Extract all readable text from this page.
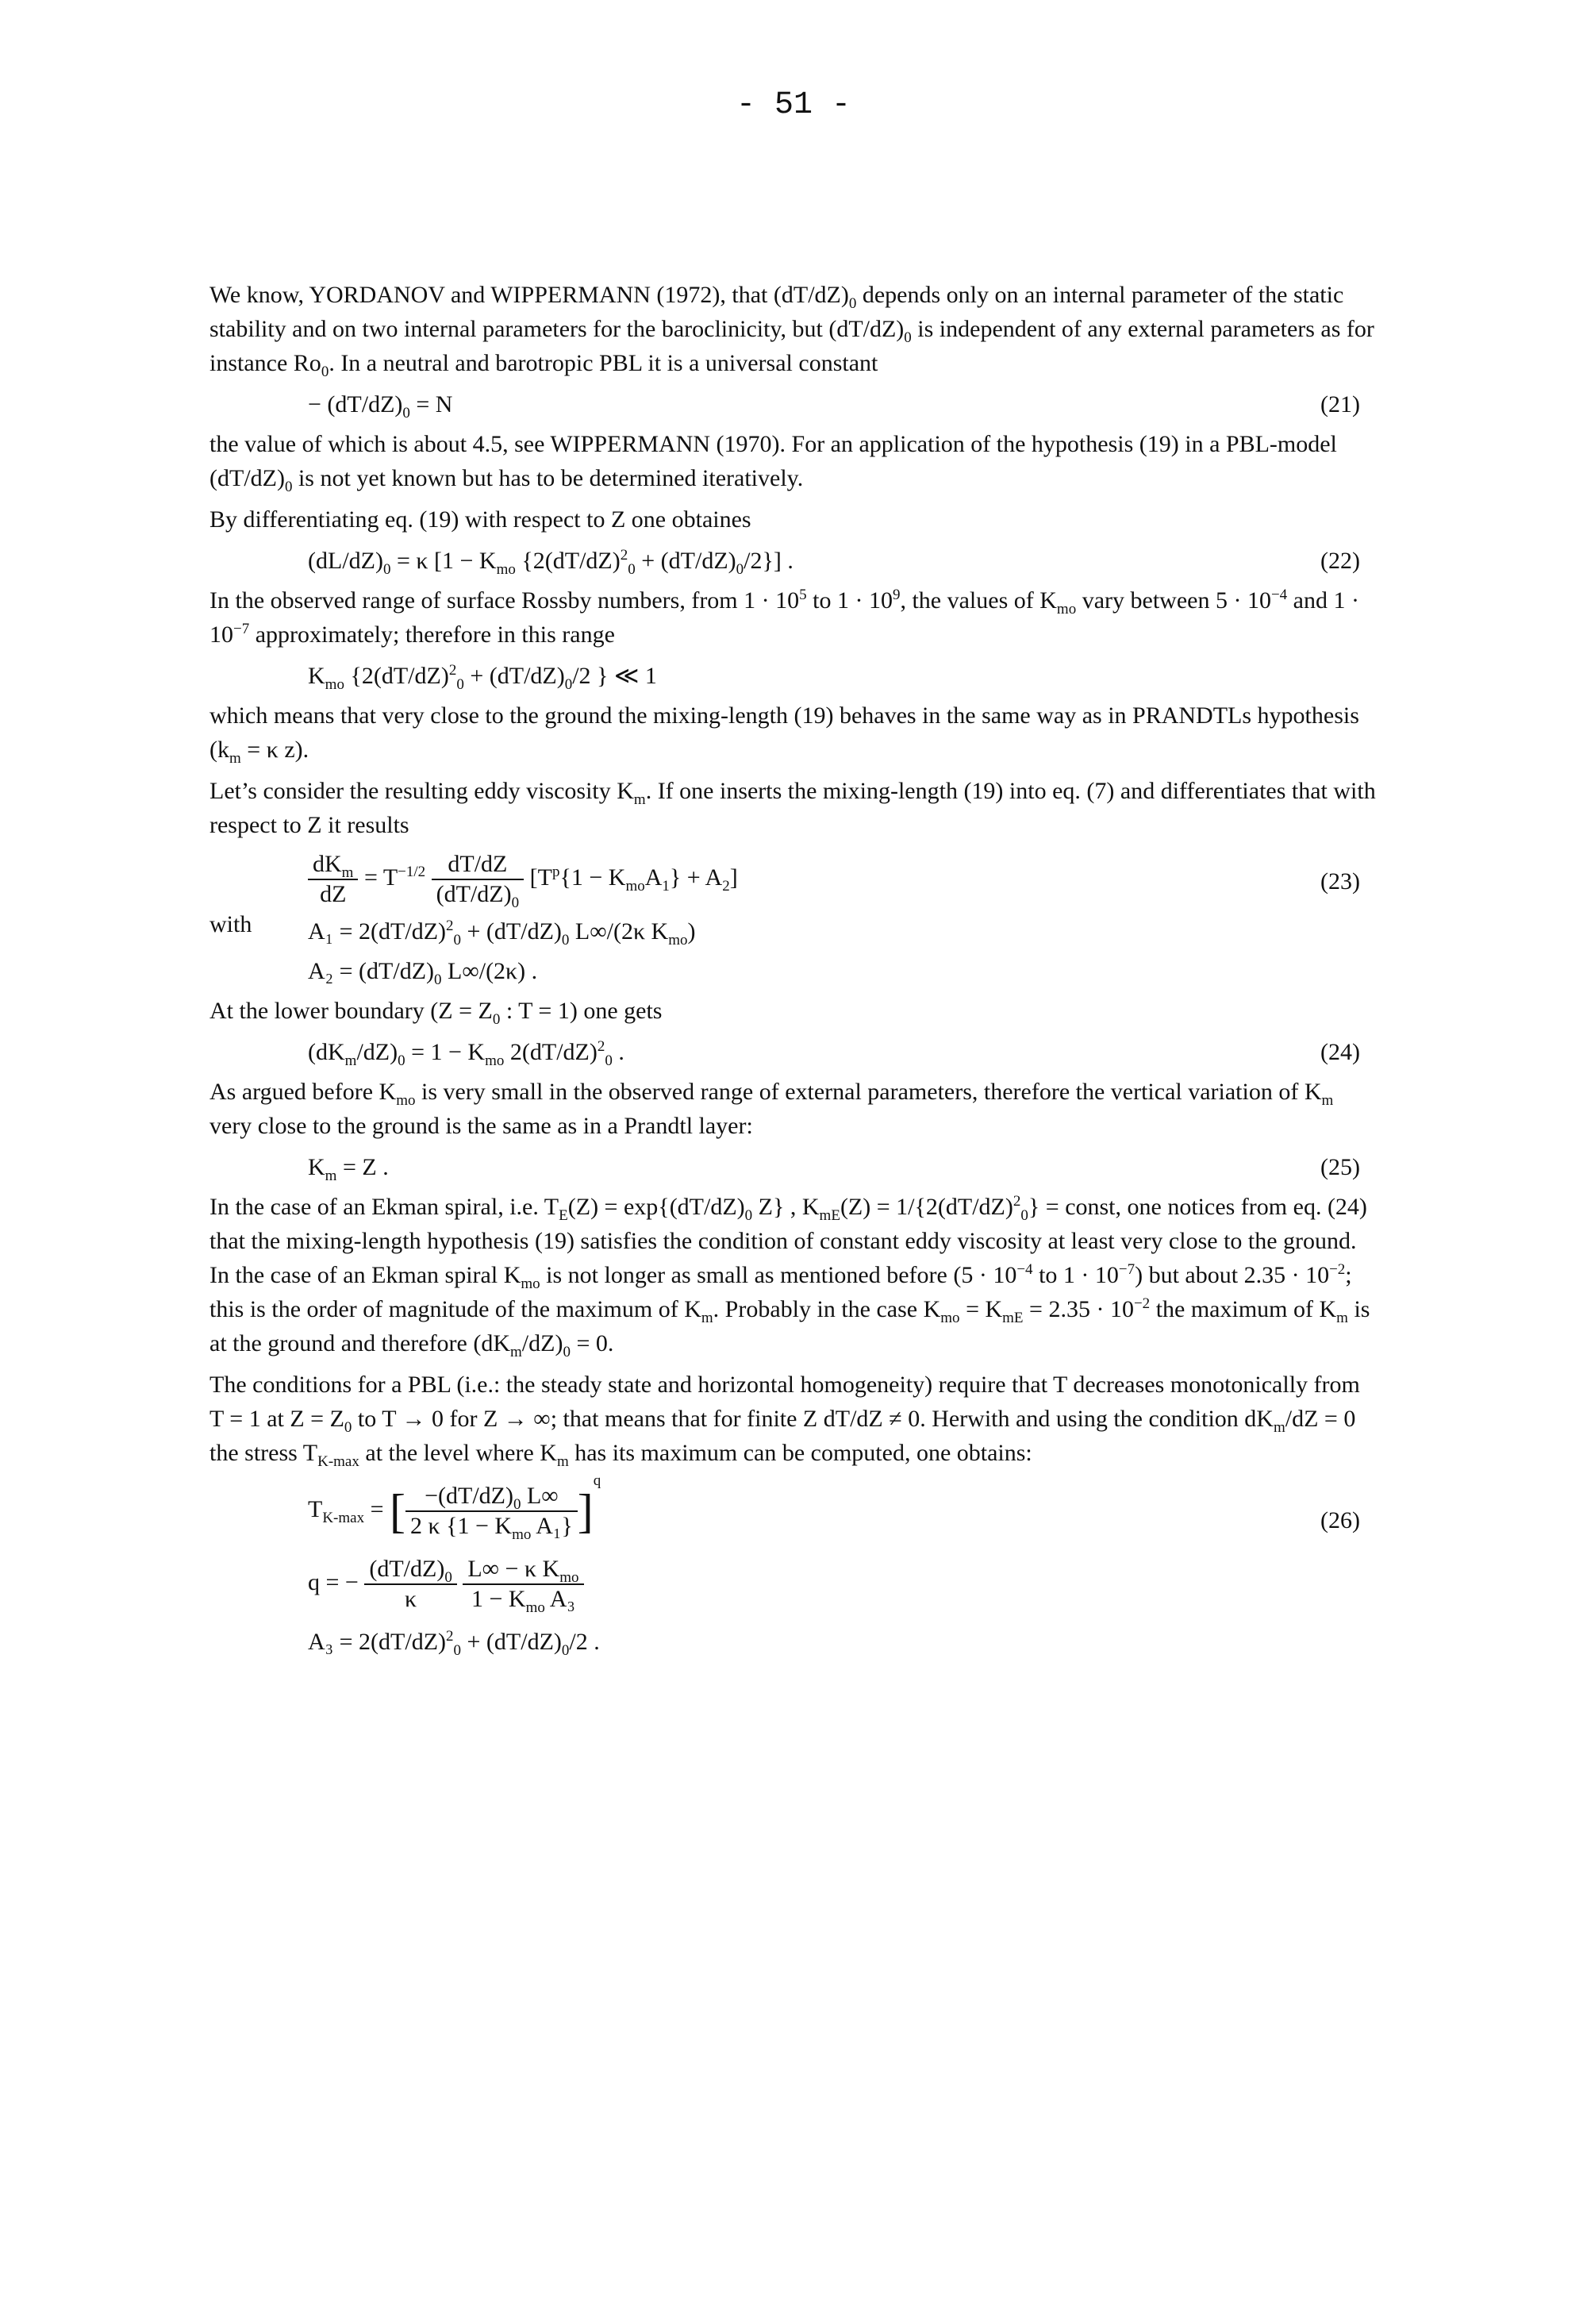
- 51 -

We know, YORDANOV and WIPPERMANN (1972), that $(dT/dZ)_0$ depends only on an internal parameter of the static stability and on two internal parameters for the baroclinicity, but $(dT/dZ)_0$ is independent of any external parameters as for instance $Ro_0$. In a neutral and barotropic PBL it is a universal constant

− $(dT/dZ)_0 = N$	(21)

the value of which is about 4.5, see WIPPERMANN (1970). For an application of the hypothesis (19) in a PBL-model $(dT/dZ)_0$ is not yet known but has to be determined iteratively.

By differentiating eq. (19) with respect to Z one obtaines

$(dL/dZ)_0 = \kappa$ [$1 - K_{mo}$ $\{2(dT/dZ)^2_0 + (dT/dZ)_0/2\}$] .	(22)

In the observed range of surface Rossby numbers, from $1 \cdot 10^5$ to $1 \cdot 10^9$, the values of $K_{mo}$ vary between $5 \cdot 10^{-4}$ and $1 \cdot 10^{-7}$ approximately; therefore in this range

$K_{mo}$ {$2(dT/dZ)^2_0 + (dT/dZ)_0/2$ } ≪ 1

which means that very close to the ground the mixing-length (19) behaves in the same way as in PRANDTLs hypothesis ($k_m = \kappa$ z).

Let’s consider the resulting eddy viscosity $K_m$. If one inserts the mixing-length (19) into eq. (7) and differentiates that with respect to Z it results

with
$\frac{dK_m}{dZ} = T^{-1/2} \frac{dT/dZ}{(dT/dZ)_0} [T^p\{1 - K_{mo}A_1\} + A_2]$	(23)
$A_1 = 2(dT/dZ)^2_0 + (dT/dZ)_0$ L∞/(2κ $K_{mo}$)
$A_2 = (dT/dZ)_0$ L∞/(2κ) .

At the lower boundary ($Z = Z_0$ : T = 1) one gets

$(dK_m/dZ)_0 = 1 - K_{mo}$ $2(dT/dZ)^2_0$ .	(24)

As argued before $K_{mo}$ is very small in the observed range of external parameters, therefore the vertical variation of $K_m$ very close to the ground is the same as in a Prandtl layer:

$K_m = Z$ .	(25)

In the case of an Ekman spiral, i.e. $T_E(Z) = \exp\{(dT/dZ)_0$ Z} , $K_{mE}(Z) = 1/\{2(dT/dZ)^2_0\}$ = const, one notices from eq. (24) that the mixing-length hypothesis (19) satisfies the condition of constant eddy viscosity at least very close to the ground. In the case of an Ekman spiral $K_{mo}$ is not longer as small as mentioned before ($5 \cdot 10^{-4}$ to $1 \cdot 10^{-7}$) but about $2.35 \cdot 10^{-2}$; this is the order of magnitude of the maximum of $K_m$. Probably in the case $K_{mo} = K_{mE} = 2.35 \cdot 10^{-2}$ the maximum of $K_m$ is at the ground and therefore $(dK_m/dZ)_0 = 0$.

The conditions for a PBL (i.e.: the steady state and horizontal homogeneity) require that T decreases monotonically from T = 1 at $Z = Z_0$ to T → 0 for Z → ∞; that means that for finite Z dT/dZ ≠ 0. Herwith and using the condition $dK_m/dZ = 0$ the stress $T_{K-max}$ at the level where $K_m$ has its maximum can be computed, one obtains:

$T_{K-max}$ = [ $\frac{-(dT/dZ)_0 L\infty}{2 \kappa \{1 - K_{mo} A_1\}} ]^q$
(26)
q = − $\frac{(dT/dZ)_0}{\kappa}$
$\frac{L\infty - \kappa K_{mo}}{1 - K_{mo} A_3}$
$A_3 = 2(dT/dZ)^2_0 + (dT/dZ)_0/2$ .
